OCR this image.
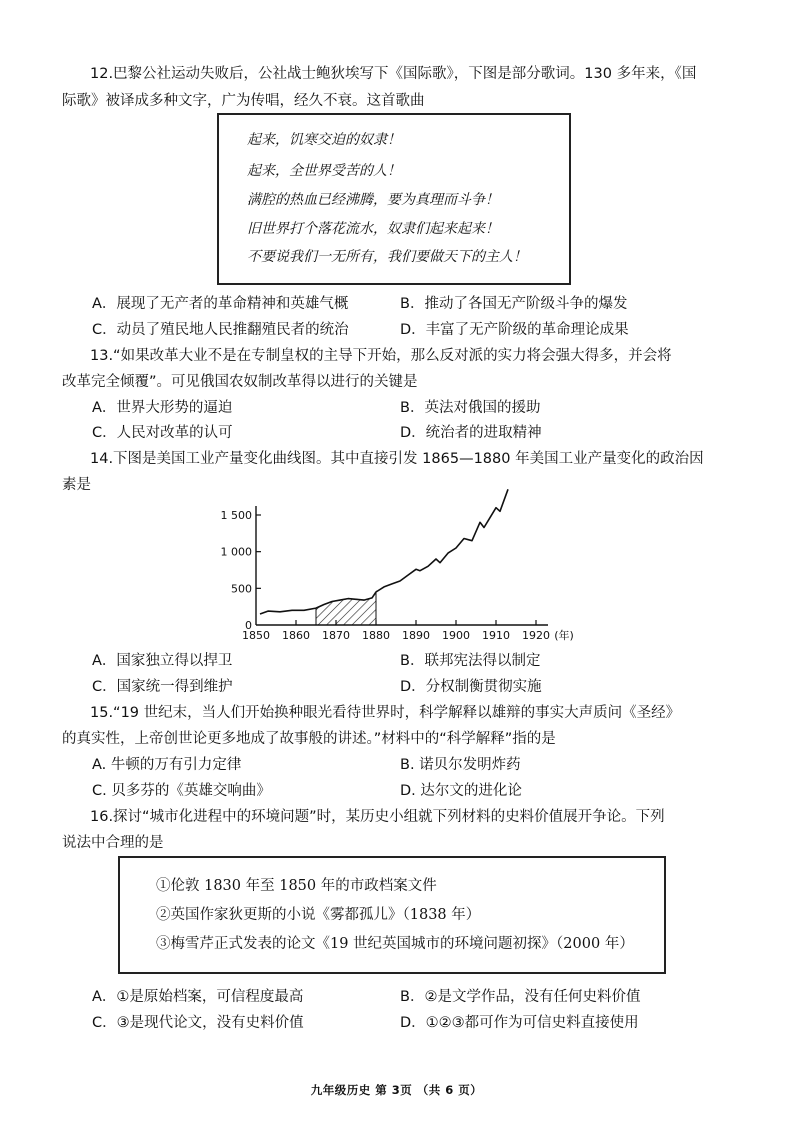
12.巴黎公社运动失败后，公社战士鲍狄埃写下《国际歌》，下图是部分歌词。130 多年来，《国
际歌》被译成多种文字，广为传唱，经久不衰。这首歌曲
起来，饥寒交迫的奴隶！
起来，全世界受苦的人！
满腔的热血已经沸腾，要为真理而斗争！
旧世界打个落花流水，奴隶们起来起来！
不要说我们一无所有，我们要做天下的主人！
A．展现了无产者的革命精神和英雄气概	B．推动了各国无产阶级斗争的爆发
C．动员了殖民地人民推翻殖民者的统治	D．丰富了无产阶级的革命理论成果
13.“如果改革大业不是在专制皇权的主导下开始，那么反对派的实力将会强大得多，并会将
改革完全倾覆”。可见俄国农奴制改革得以进行的关键是
A．世界大形势的逼迫	B．英法对俄国的援助
C．人民对改革的认可	D．统治者的进取精神
14.下图是美国工业产量变化曲线图。其中直接引发 1865—1880 年美国工业产量变化的政治因
素是
0
500
1 000
1 500
1850 1860 1870 1880 1890 1900 1910 1920 (年)
A．国家独立得以捍卫	B．联邦宪法得以制定
C．国家统一得到维护	D．分权制衡贯彻实施
15.“19 世纪末，当人们开始换种眼光看待世界时，科学解释以雄辩的事实大声质问《圣经》
的真实性，上帝创世论更多地成了故事般的讲述。”材料中的“科学解释”指的是
A. 牛顿的万有引力定律	B. 诺贝尔发明炸药
C. 贝多芬的《英雄交响曲》	D. 达尔文的进化论
16.探讨“城市化进程中的环境问题”时，某历史小组就下列材料的史料价值展开争论。下列
说法中合理的是
①伦敦 1830 年至 1850 年的市政档案文件
②英国作家狄更斯的小说《雾都孤儿》（1838 年）
③梅雪芹正式发表的论文《19 世纪英国城市的环境问题初探》（2000 年）
A．①是原始档案，可信程度最高	B．②是文学作品，没有任何史料价值
C．③是现代论文，没有史料价值	D．①②③都可作为可信史料直接使用
九年级历史 第 3页 （共 6 页）
